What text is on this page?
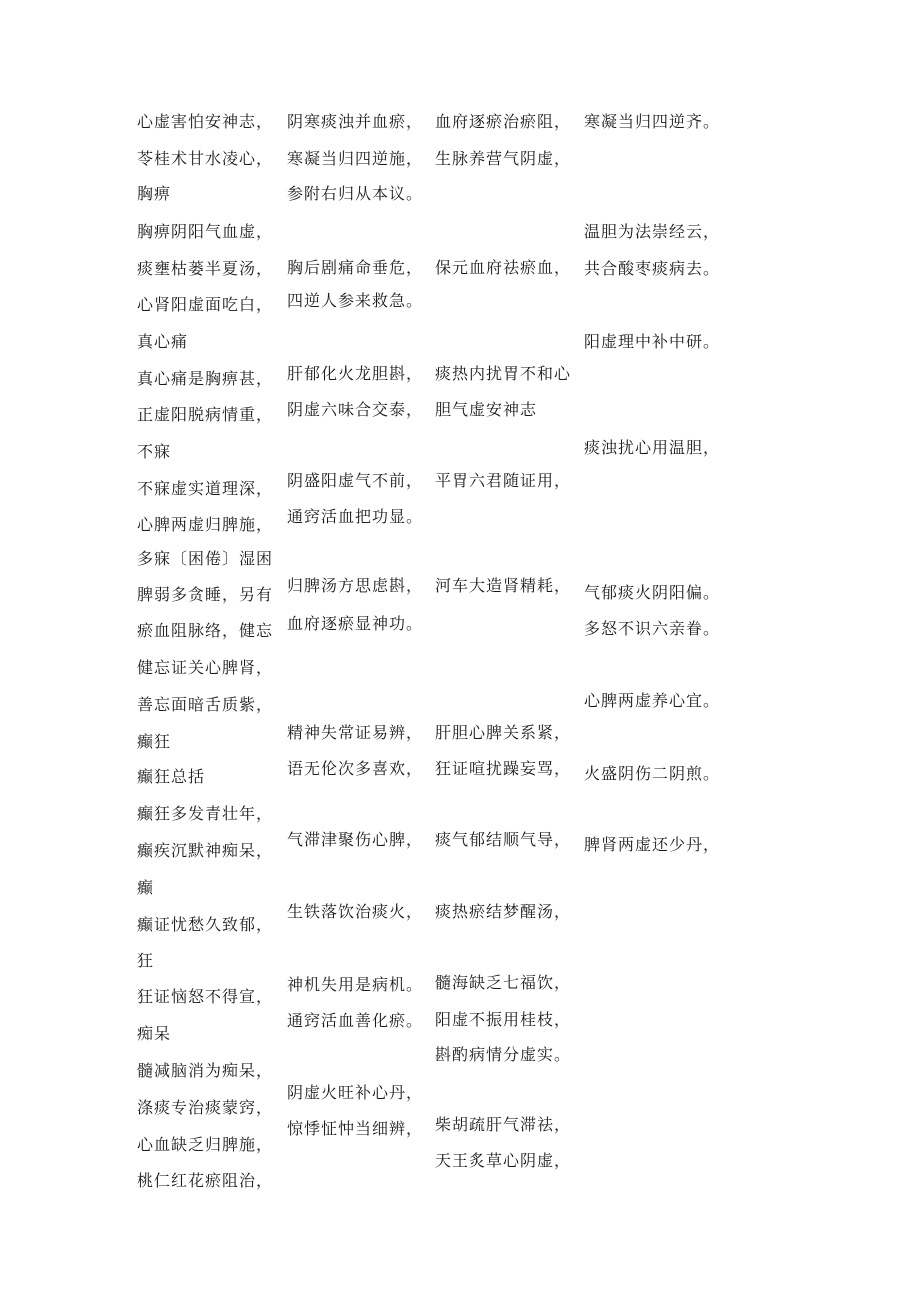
心虚害怕安神志，
苓桂术甘水凌心，
胸痹
胸痹阴阳气血虚，
痰壅枯蒌半夏汤，
心肾阳虚面吃白，
真心痛
真心痛是胸痹甚，
正虚阳脱病情重，
不寐
不寐虚实道理深，
心脾两虚归脾施，
多寐〔困倦〕湿困
脾弱多贪睡，另有
瘀血阻脉络，健忘
健忘证关心脾肾，
善忘面暗舌质紫，
癫狂
癫狂总括
癫狂多发青壮年，
癫疾沉默神痴呆，
癫
癫证忧愁久致郁，
狂
狂证恼怒不得宣，
痴呆
髓减脑消为痴呆，
涤痰专治痰蒙窍，
心血缺乏归脾施，
桃仁红花瘀阻治，
阴寒痰浊并血瘀，
寒凝当归四逆施，
参附右归从本议。
胸后剧痛命垂危，
四逆人参来救急。
肝郁化火龙胆斟，
阴虚六味合交泰，
阴盛阳虚气不前，
通窍活血把功显。
归脾汤方思虑斟，
血府逐瘀显神功。
精神失常证易辨，
语无伦次多喜欢，
气滞津聚伤心脾，
生铁落饮治痰火，
神机失用是病机。
通窍活血善化瘀。
阴虚火旺补心丹，
惊悸怔忡当细辨，
血府逐瘀治瘀阻，
生脉养营气阴虚，
保元血府祛瘀血，
痰热内扰胃不和心
胆气虚安神志
平胃六君随证用，
河车大造肾精耗，
肝胆心脾关系紧，
狂证喧扰躁妄骂，
痰气郁结顺气导，
痰热瘀结梦醒汤，
髓海缺乏七福饮，
阳虚不振用桂枝，
斟酌病情分虚实。
柴胡疏肝气滞祛，
天王炙草心阴虚，
寒凝当归四逆齐。
温胆为法崇经云，
共合酸枣痰病去。
阳虚理中补中研。
痰浊扰心用温胆，
气郁痰火阴阳偏。
多怒不识六亲眷。
心脾两虚养心宜。
火盛阴伤二阴煎。
脾肾两虚还少丹，
